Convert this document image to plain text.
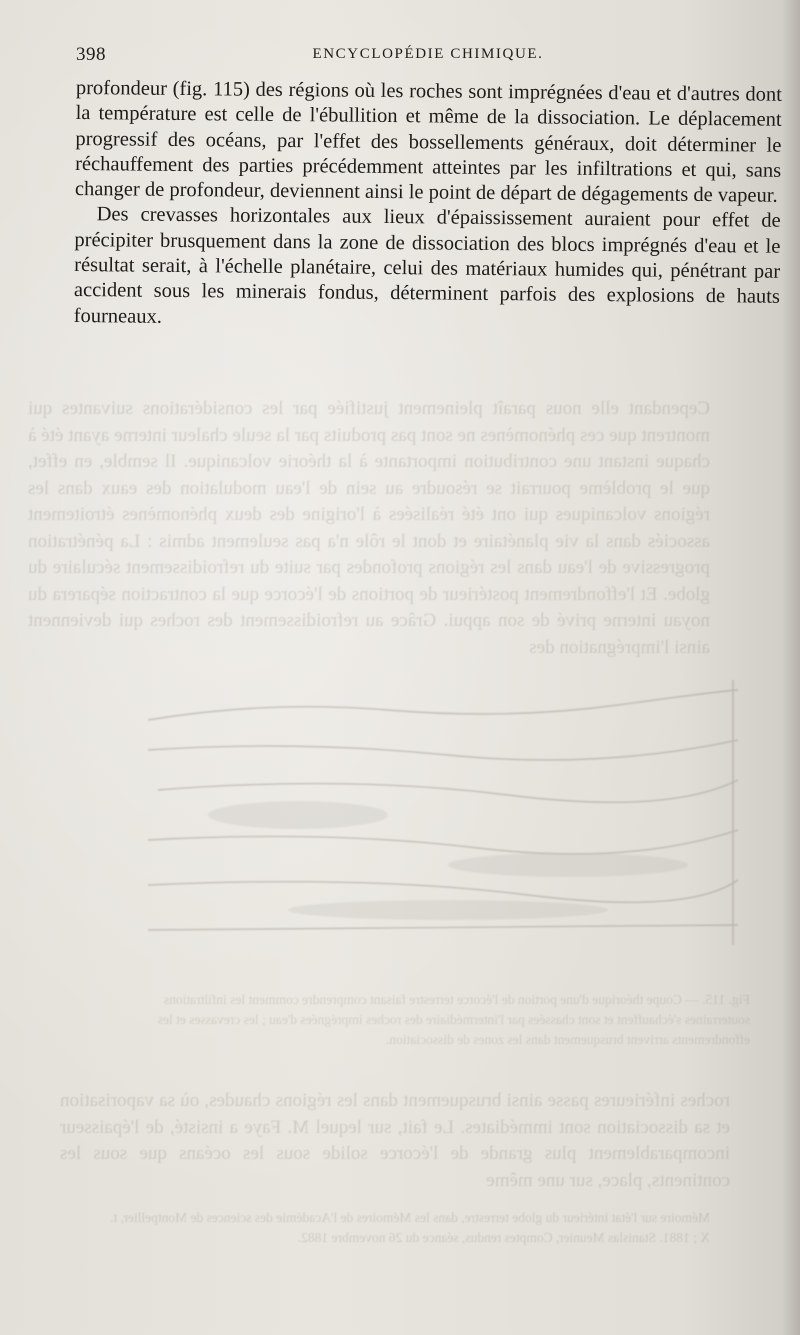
Cependant elle nous paraît pleinement justifiée par les considérations suivantes qui montrent que ces phénomènes ne sont pas produits par la seule chaleur interne ayant été à chaque instant une contribution importante à la théorie volcanique. Il semble, en effet, que le problème pourrait se résoudre au sein de l'eau modulation des eaux dans les régions volcaniques qui ont été réalisées à l'origine des deux phénomènes étroitement associés dans la vie planétaire et dont le rôle n'a pas seulement admis : La pénétration progressive de l'eau dans les régions profondes par suite du refroidissement séculaire du globe. Et l'effondrement postérieur de portions de l'écorce que la contraction séparera du noyau interne privé de son appui. Grâce au refroidissement des roches qui deviennent ainsi l'imprégnation des
Fig. 115. — Coupe théorique d'une portion de l'écorce terrestre faisant comprendre comment les infiltrations souterraines s'échauffent et sont chassées par l'intermédiaire des roches imprégnées d'eau ; les crevasses et les effondrements arrivent brusquement dans les zones de dissociation.
roches inférieures passe ainsi brusquement dans les régions chaudes, où sa vaporisation et sa dissociation sont immédiates. Le fait, sur lequel M. Faye a insisté, de l'épaisseur incomparablement plus grande de l'écorce solide sous les océans que sous les continents, place, sur une même
Mémoire sur l'état intérieur du globe terrestre, dans les Mémoires de l'Académie des sciences de Montpellier, t. X ; 1881. Stanislas Meunier, Comptes rendus, séance du 26 novembre 1882.
398	ENCYCLOPÉDIE CHIMIQUE.

profondeur (fig. 115) des régions où les roches sont imprégnées d'eau et d'autres dont la température est celle de l'ébullition et même de la dissociation. Le déplacement progressif des océans, par l'effet des bossellements généraux, doit déterminer le réchauffement des parties précédemment atteintes par les infiltrations et qui, sans changer de profondeur, deviennent ainsi le point de départ de dégagements de vapeur.

Des crevasses horizontales aux lieux d'épaississement auraient pour effet de précipiter brusquement dans la zone de dissociation des blocs imprégnés d'eau et le résultat serait, à l'échelle planétaire, celui des matériaux humides qui, pénétrant par accident sous les minerais fondus, déterminent parfois des explosions de hauts fourneaux.
